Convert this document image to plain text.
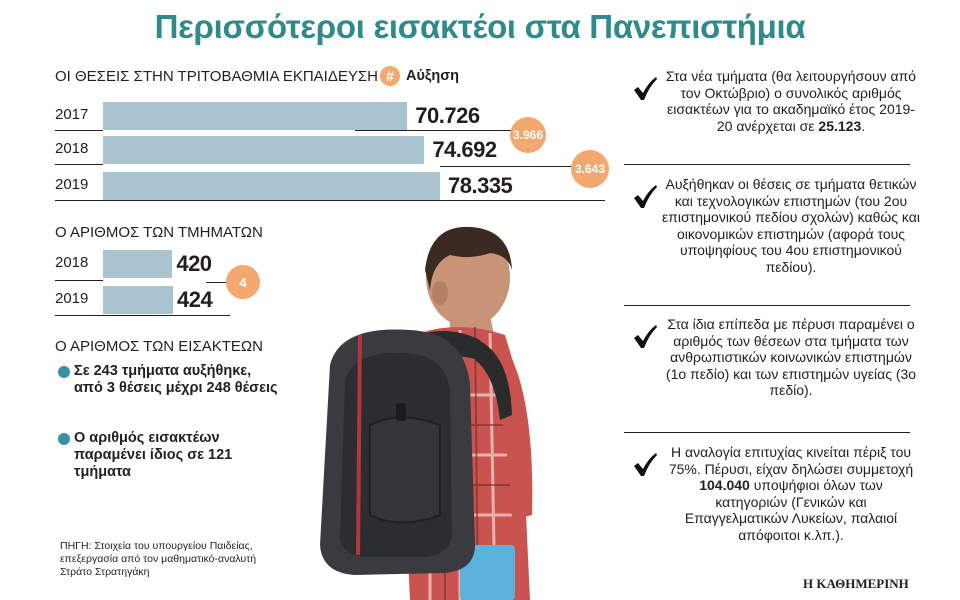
Περισσότεροι εισακτέοι στα Πανεπιστήμια
ΟΙ ΘΕΣΕΙΣ ΣΤΗΝ ΤΡΙΤΟΒΑΘΜΙΑ ΕΚΠΑΙΔΕΥΣΗ # Αύξηση
2017	70.726
2018	74.692
2019	78.335
3.966
3.643
Ο ΑΡΙΘΜΟΣ ΤΩΝ ΤΜΗΜΑΤΩΝ
2018	420
2019	424
4
Ο ΑΡΙΘΜΟΣ ΤΩΝ ΕΙΣΑΚΤΕΩΝ
Σε 243 τμήματα αυξήθηκε, από 3 θέσεις μέχρι 248 θέσεις
Ο αριθμός εισακτέων παραμένει ίδιος σε 121 τμήματα
ΠΗΓΗ: Στοιχεία του υπουργείου Παιδείας, επεξεργασία από τον μαθηματικό-αναλυτή Στράτο Στρατηγάκη
Στα νέα τμήματα (θα λειτουργήσουν από τον Οκτώβριο) ο συνολικός αριθμός εισακτέων για το ακαδημαϊκό έτος 2019-20 ανέρχεται σε 25.123.
Αυξήθηκαν οι θέσεις σε τμήματα θετικών και τεχνολογικών επιστημών (του 2ου επιστημονικού πεδίου σχολών) καθώς και οικονομικών επιστημών (αφορά τους υποψηφίους του 4ου επιστημονικού πεδίου).
Στα ίδια επίπεδα με πέρυσι παραμένει ο αριθμός των θέσεων στα τμήματα των ανθρωπιστικών κοινωνικών επιστημών (1ο πεδίο) και των επιστημών υγείας (3ο πεδίο).
Η αναλογία επιτυχίας κινείται πέριξ του 75%. Πέρυσι, είχαν δηλώσει συμμετοχή 104.040 υποψήφιοι όλων των κατηγοριών (Γενικών και Επαγγελματικών Λυκείων, παλαιοί απόφοιτοι κ.λπ.).
Η ΚΑΘΗΜΕΡΙΝΗ
